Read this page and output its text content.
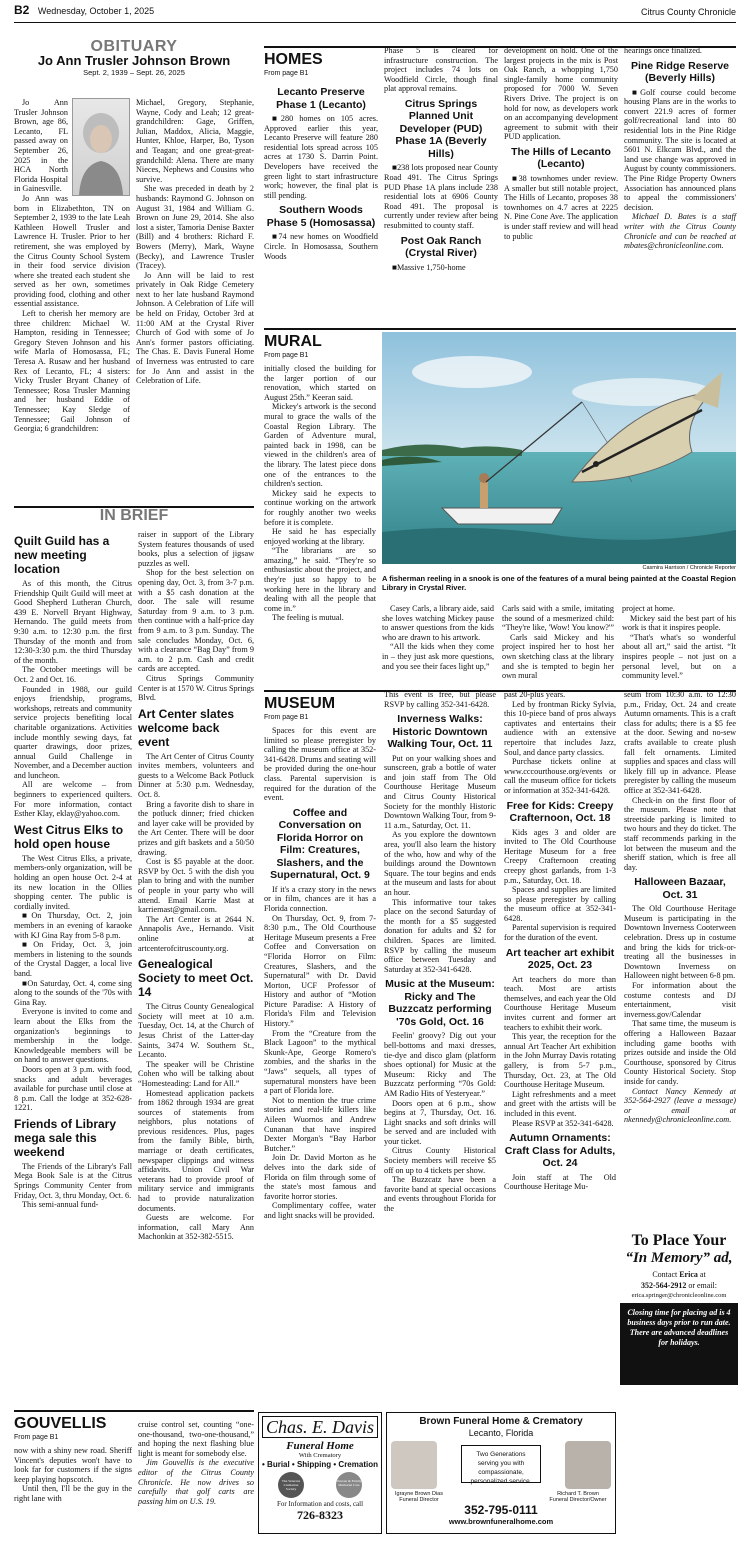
B2 Wednesday, October 1, 2025	Citrus County Chronicle
OBITUARY
Jo Ann Trusler Johnson Brown
Sept. 2, 1939 – Sept. 26, 2025

Jo Ann Trusler Johnson Brown, age 86, Lecanto, FL passed away on September 26, 2025 in the HCA North Florida Hospital in Gainesville.

Jo Ann was born in Elizabethton, TN on September 2, 1939 to the late Leah Kathleen Howell Trusler and Lawrence H. Trusler. Prior to her retirement, she was employed by the Citrus County School System in their food service division where she treated each student she served as her own, sometimes providing food, clothing and other essential assistance.

Left to cherish her memory are three children: Michael W. Hampton, residing in Tennessee; Gregory Steven Johnson and his wife Marla of Homosassa, FL; Teresa A. Rusaw and her husband Rex of Lecanto, FL; 4 sisters: Vicky Trusler Bryant Chaney of Tennessee; Rosa Trusler Manning and her husband Eddie of Tennessee; Kay Sledge of Tennessee; Gail Johnson of Georgia; 6 grandchildren:

Michael, Gregory, Stephanie, Wayne, Cody and Leah; 12 great-grandchildren: Gage, Griffen, Julian, Maddox, Alicia, Maggie, Hunter, Khloe, Harper, Bo, Tyson and Teagan; and one great-great-grandchild: Alena. There are many Nieces, Nephews and Cousins who survive.

She was preceded in death by 2 husbands: Raymond G. Johnson on August 31, 1984 and William G. Brown on June 29, 2014. She also lost a sister, Tamoria Denise Baxter (Bill) and 4 brothers: Richard F. Bowers (Merry), Mark, Wayne (Becky), and Lawrence Trusler (Tracey).

Jo Ann will be laid to rest privately in Oak Ridge Cemetery next to her late husband Raymond Johnson. A Celebration of Life will be held on Friday, October 3rd at 11:00 AM at the Crystal River Church of God with some of Jo Ann's former pastors officiating. The Chas. E. Davis Funeral Home of Inverness was entrusted to care for Jo Ann and assist in the Celebration of Life.

IN BRIEF
Quilt Guild has a new meeting location

As of this month, the Citrus Friendship Quilt Guild will meet at Good Shepherd Lutheran Church, 439 E. Norvell Bryant Highway, Hernando. The guild meets from 9:30 a.m. to 12:30 p.m. the first Thursday of the month and from 12:30-3:30 p.m. the third Thursday of the month.

The October meetings will be Oct. 2 and Oct. 16.

Founded in 1988, our guild enjoys friendship, programs, workshops, retreats and community service projects benefiting local charitable organizations. Activities include monthly sewing days, fat quarter drawings, door prizes, annual Guild Challenge in November, and a December auction and luncheon.

All are welcome – from beginners to experienced quilters. For more information, contact Esther Klay, eklay@yahoo.com.

West Citrus Elks to hold open house

The West Citrus Elks, a private, members-only organization, will be holding an open house Oct. 2-4 at its new location in the Ollies shopping center. The public is cordially invited.

■ On Thursday, Oct. 2, join members in an evening of karaoke with KJ Gina Ray from 5-8 p.m.

■ On Friday, Oct. 3, join members in listening to the sounds of the Crystal Dagger, a local live band.

■ On Saturday, Oct. 4, come sing along to the sounds of the '70s with Gina Ray.

Everyone is invited to come and learn about the Elks from the organization's beginnings to membership in the lodge. Knowledgeable members will be on hand to answer questions.

Doors open at 3 p.m. with food, snacks and adult beverages available for purchase until close at 8 p.m. Call the lodge at 352-628-1221.

Friends of Library mega sale this weekend

The Friends of the Library's Fall Mega Book Sale is at the Citrus Springs Community Center from Friday, Oct. 3, thru Monday, Oct. 6.

This semi-annual fund-

raiser in support of the Library System features thousands of used books, plus a selection of jigsaw puzzles as well.

Shop for the best selection on opening day, Oct. 3, from 3-7 p.m. with a $5 cash donation at the door. The sale will resume Saturday from 9 a.m. to 3 p.m. then continue with a half-price day from 9 a.m. to 3 p.m. Sunday. The sale concludes Monday, Oct. 6, with a clearance “Bag Day” from 9 a.m. to 2 p.m. Cash and credit cards are accepted.

Citrus Springs Community Center is at 1570 W. Citrus Springs Blvd.

Art Center slates welcome back event

The Art Center of Citrus County invites members, volunteers and guests to a Welcome Back Potluck Dinner at 5:30 p.m. Wednesday, Oct. 8.

Bring a favorite dish to share in the potluck dinner; fried chicken and layer cake will be provided by the Art Center. There will be door prizes and gift baskets and a 50/50 drawing.

Cost is $5 payable at the door. RSVP by Oct. 5 with the dish you plan to bring and with the number of people in your party who will attend. Email Karrie Mast at karriemast@gmail.com.

The Art Center is at 2644 N. Annapolis Ave., Hernando. Visit online at artcenterofcitruscounty.org.

Genealogical Society to meet Oct. 14

The Citrus County Genealogical Society will meet at 10 a.m. Tuesday, Oct. 14, at the Church of Jesus Christ of the Latter-day Saints, 3474 W. Southern St., Lecanto.

The speaker will be Christine Cohen who will be talking about “Homesteading: Land for All.”

Homestead application packets from 1862 through 1934 are great sources of statements from neighbors, plus notations of previous residences. Plus, pages from the family Bible, birth, marriage or death certificates, newspaper clippings and witness affidavits. Union Civil War veterans had to provide proof of military service and immigrants had to provide naturalization documents.

Guests are welcome. For information, call Mary Ann Machonkin at 352-382-5515.

GOUVELLIS
From page B1

now with a shiny new road. Sheriff Vincent's deputies won't have to look far for customers if the signs keep playing hopscotch.

Until then, I'll be the guy in the right lane with

cruise control set, counting “one-one-thousand, two-one-thousand,” and hoping the next flashing blue light is meant for somebody else.

Jim Gouvellis is the executive editor of the Citrus County Chronicle. He now drives so carefully that golf carts are passing him on U.S. 19.

HOMES
From page B1
Lecanto Preserve Phase 1 (Lecanto)

■ 280 homes on 105 acres. Approved earlier this year, Lecanto Preserve will feature 280 residential lots spread across 105 acres at 1730 S. Darrin Point. Developers have received the green light to start infrastructure work; however, the final plat is still pending.

Southern Woods Phase 5 (Homosassa)

■ 74 new homes on Woodfield Circle. In Homosassa, Southern Woods

Phase 5 is cleared for infrastructure construction. The project includes 74 lots on Woodfield Circle, though final plat approval remains.

Citrus Springs Planned Unit Developer (PUD) Phase 1A (Beverly Hills)

■ 238 lots proposed near County Road 491. The Citrus Springs PUD Phase 1A plans include 238 residential lots at 6906 County Road 491. The proposal is currently under review after being resubmitted to county staff.

Post Oak Ranch (Crystal River)

■ Massive 1,750-home

development on hold. One of the largest projects in the mix is Post Oak Ranch, a whopping 1,750 single-family home community proposed for 7000 W. Seven Rivers Drive. The project is on hold for now, as developers work on an accompanying development agreement to submit with their PUD application.

The Hills of Lecanto (Lecanto)

■ 38 townhomes under review. A smaller but still notable project, The Hills of Lecanto, proposes 38 townhomes on 4.7 acres at 2225 N. Pine Cone Ave. The application is under staff review and will head to public

hearings once finalized.

Pine Ridge Reserve (Beverly Hills)

■ Golf course could become housing Plans are in the works to convert 221.9 acres of former golf/recreational land into 80 residential lots in the Pine Ridge community. The site is located at 5601 N. Elkcam Blvd., and the land use change was approved in August by county commissioners. The Pine Ridge Property Owners Association has announced plans to appeal the commissioners' decision.

Michael D. Bates is a staff writer with the Citrus County Chronicle and can be reached at mbates@chronicleonline.com.

MURAL
From page B1

initially closed the building for the larger portion of our renovation, which started on August 25th.” Keeran said.

Mickey's artwork is the second mural to grace the walls of the Coastal Region Library. The Garden of Adventure mural, painted back in 1998, can be viewed in the children's area of the library. The latest piece dons one of the entrances to the children's section.

Mickey said he expects to continue working on the artwork for roughly another two weeks before it is complete.

He said he has especially enjoyed working at the library.

“The librarians are so amazing,” he said. “They're so enthusiastic about the project, and they're just so happy to be working here in the library and dealing with all the people that come in.”

The feeling is mutual.

Casmira Harrison / Chronicle Reporter
A fisherman reeling in a snook is one of the features of a mural being painted at the Coastal Region Library in Crystal River.

Casey Carls, a library aide, said she loves watching Mickey pause to answer questions from the kids who are drawn to his artwork.

“All the kids when they come in – they just ask more questions, and you see their faces light up,”

Carls said with a smile, imitating the sound of a mesmerized child: “They're like, 'Wow! You know?'”

Carls said Mickey and his project inspired her to host her own sketching class at the library and she is tempted to begin her own mural

project at home.

Mickey said the best part of his work is that it inspires people.

“That's what's so wonderful about all art,” said the artist. “It inspires people – not just on a personal level, but on a community level.”

MUSEUM
From page B1

Spaces for this event are limited so please preregister by calling the museum office at 352-341-6428. Drums and seating will be provided during the one-hour class. Parental supervision is required for the duration of the event.

Coffee and Conversation on Florida Horror on Film: Creatures, Slashers, and the Supernatural, Oct. 9

If it's a crazy story in the news or in film, chances are it has a Florida connection.

On Thursday, Oct. 9, from 7-8:30 p.m., The Old Courthouse Heritage Museum presents a Free Coffee and Conversation on “Florida Horror on Film: Creatures, Slashers, and the Supernatural” with Dr. David Morton, UCF Professor of History and author of “Motion Picture Paradise: A History of Florida's Film and Television History.”

From the “Creature from the Black Lagoon” to the mythical Skunk-Ape, George Romero's zombies, and the sharks in the “Jaws” sequels, all types of supernatural monsters have been a part of Florida lore.

Not to mention the true crime stories and real-life killers like Aileen Wuornos and Andrew Cunanan that have inspired Dexter Morgan's “Bay Harbor Butcher.”

Join Dr. David Morton as he delves into the dark side of Florida on film through some of the state's most famous and favorite horror stories.

Complimentary coffee, water and light snacks will be provided.

This event is free, but please RSVP by calling 352-341-6428.

Inverness Walks: Historic Downtown Walking Tour, Oct. 11

Put on your walking shoes and sunscreen, grab a bottle of water and join staff from The Old Courthouse Heritage Museum and Citrus County Historical Society for the monthly Historic Downtown Walking Tour, from 9-11 a.m., Saturday, Oct. 11.

As you explore the downtown area, you'll also learn the history of the who, how and why of the buildings around the Downtown Square. The tour begins and ends at the museum and lasts for about an hour.

This informative tour takes place on the second Saturday of the month for a $5 suggested donation for adults and $2 for children. Spaces are limited. RSVP by calling the museum office between Tuesday and Saturday at 352-341-6428.

Music at the Museum: Ricky and The Buzzcatz performing '70s Gold, Oct. 16

Feelin' groovy? Dig out your bell-bottoms and maxi dresses, tie-dye and disco glam (platform shoes optional) for Music at the Museum: Ricky and The Buzzcatz performing “70s Gold: AM Radio Hits of Yesteryear.”

Doors open at 6 p.m., show begins at 7, Thursday, Oct. 16. Light snacks and soft drinks will be served and are included with your ticket.

Citrus County Historical Society members will receive $5 off on up to 4 tickets per show.

The Buzzcatz have been a favorite band at special occasions and events throughout Florida for the

past 20-plus years.

Led by frontman Ricky Sylvia, this 10-piece band of pros always captivates and entertains their audience with an extensive repertoire that includes Jazz, Soul, and dance party classics.

Purchase tickets online at www.cccourthouse.org/events or call the museum office for tickets or information at 352-341-6428.

Free for Kids: Creepy Crafternoon, Oct. 18

Kids ages 3 and older are invited to The Old Courthouse Heritage Museum for a free Creepy Crafternoon creating creepy ghost garlands, from 1-3 p.m., Saturday, Oct. 18.

Spaces and supplies are limited so please preregister by calling the museum office at 352-341-6428.

Parental supervision is required for the duration of the event.

Art teacher art exhibit 2025, Oct. 23

Art teachers do more than teach. Most are artists themselves, and each year the Old Courthouse Heritage Museum invites current and former art teachers to exhibit their work.

This year, the reception for the annual Art Teacher Art exhibition in the John Murray Davis rotating gallery, is from 5-7 p.m., Thursday, Oct. 23, at The Old Courthouse Heritage Museum.

Light refreshments and a meet and greet with the artists will be included in this event.

Please RSVP at 352-341-6428.

Autumn Ornaments: Craft Class for Adults, Oct. 24

Join staff at The Old Courthouse Heritage Mu-

seum from 10:30 a.m. to 12:30 p.m., Friday, Oct. 24 and create Autumn ornaments. This is a craft class for adults; there is a $5 fee at the door. Sewing and no-sew crafts available to create plush fall felt ornaments. Limited supplies and spaces and class will likely fill up in advance. Please preregister by calling the museum office at 352-341-6428.

Check-in on the first floor of the museum. Please note that streetside parking is limited to two hours and they do ticket. The staff recommends parking in the lot between the museum and the sheriff station, which is free all day.

Halloween Bazaar, Oct. 31

The Old Courthouse Heritage Museum is participating in the Downtown Inverness Cooterween celebration. Dress up in costume and bring the kids for trick-or-treating all the businesses in Downtown Inverness on Halloween night between 6-8 pm.

For information about the costume contests and DJ entertainment, visit inverness.gov/Calendar

That same time, the museum is offering a Halloween Bazaar including game booths with prizes outside and inside the Old Courthouse, sponsored by Citrus County Historical Society. Stop inside for candy.

Contact Nancy Kennedy at 352-564-2927 (leave a message) or email at nkennedy@chronicleonline.com.

To Place Your
“In Memory” ad,
Contact Erica at
352-564-2912 or email:
erica.springer@chronicleonline.com
Closing time for placing ad is 4 business days prior to run date. There are advanced deadlines for holidays.
Chas. E. Davis
Funeral Home
With Crematory
• Burial • Shipping • Cremation
The Veterans Cremation Society
Veteran & Family Memorial Care
For Information and costs, call
726-8323
Brown Funeral Home & Crematory
Lecanto, Florida
Two Generations serving you with compassionate, personalized service.
Igrayne Brown Dias
Funeral Director
Richard T. Brown
Funeral Director/Owner
352-795-0111
www.brownfuneralhome.com
